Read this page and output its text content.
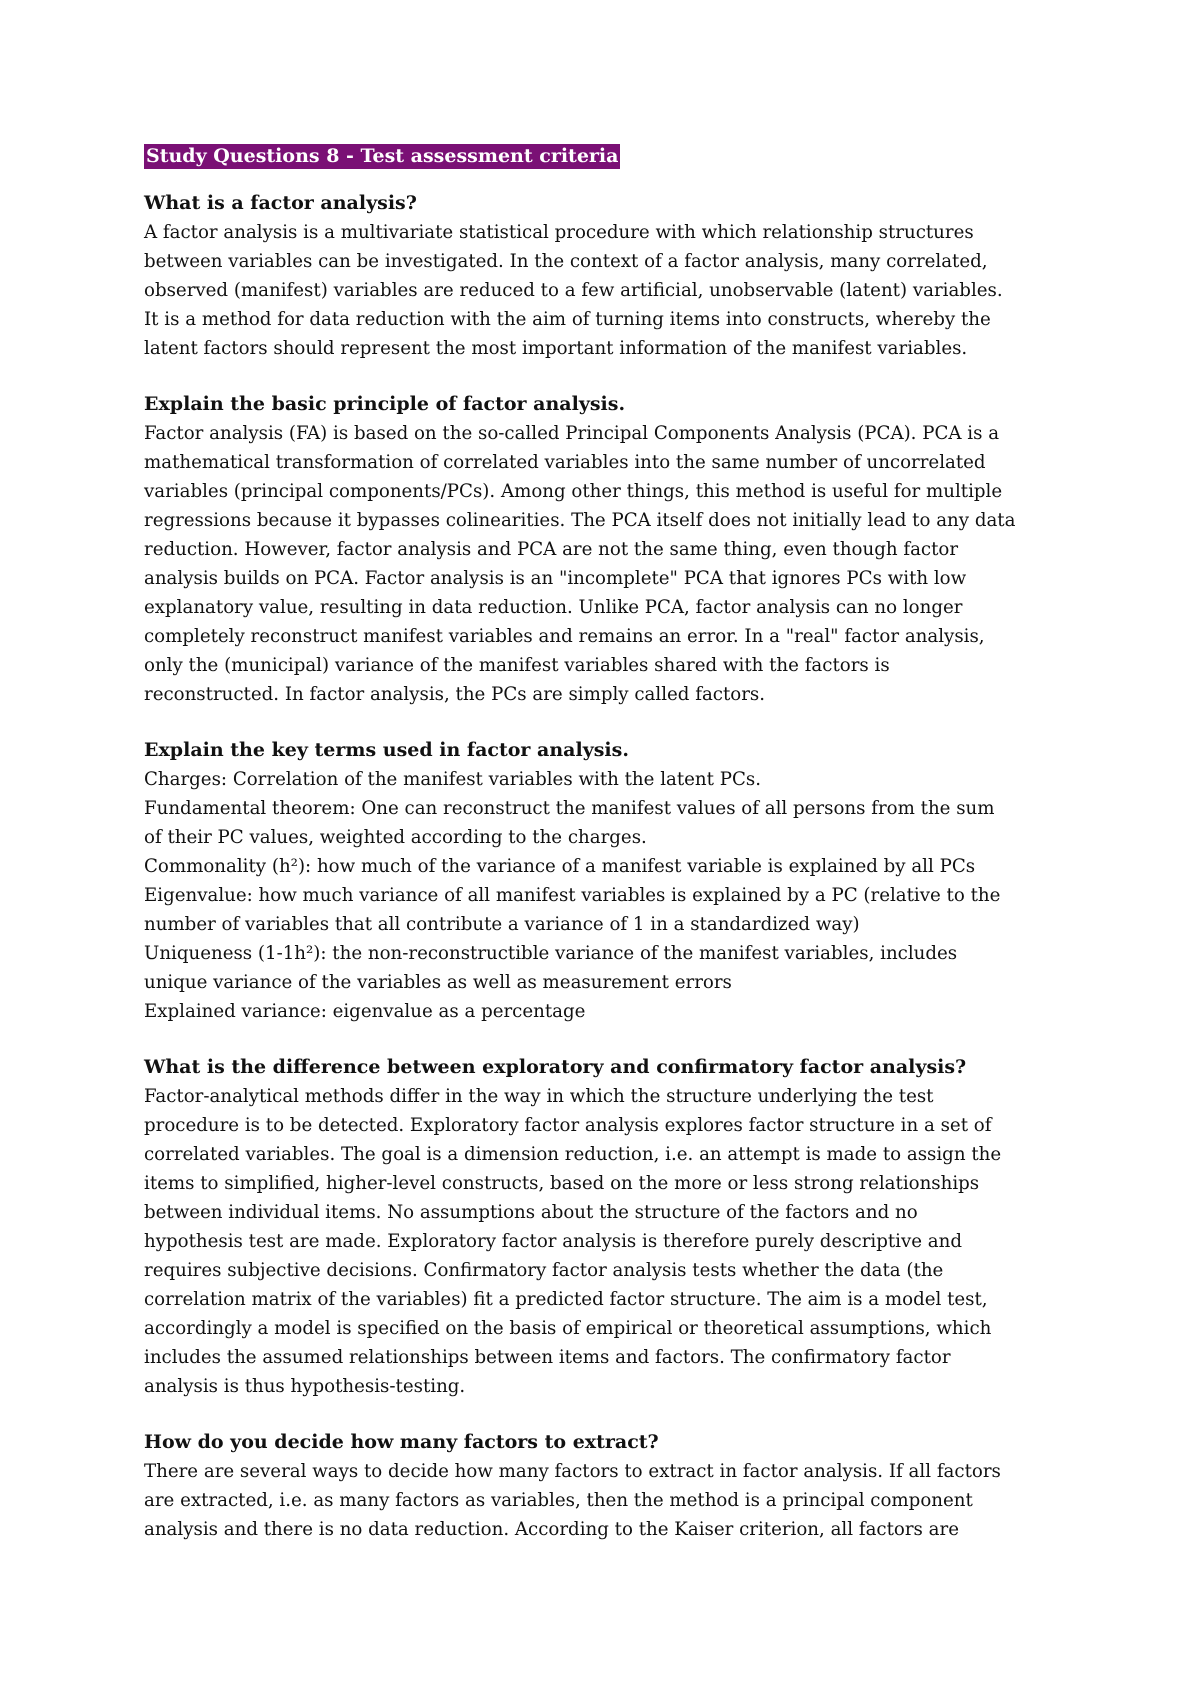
Study Questions 8 - Test assessment criteria
What is a factor analysis?
A factor analysis is a multivariate statistical procedure with which relationship structures
between variables can be investigated. In the context of a factor analysis, many correlated,
observed (manifest) variables are reduced to a few artificial, unobservable (latent) variables.
It is a method for data reduction with the aim of turning items into constructs, whereby the
latent factors should represent the most important information of the manifest variables.
Explain the basic principle of factor analysis.
Factor analysis (FA) is based on the so-called Principal Components Analysis (PCA). PCA is a
mathematical transformation of correlated variables into the same number of uncorrelated
variables (principal components/PCs). Among other things, this method is useful for multiple
regressions because it bypasses colinearities. The PCA itself does not initially lead to any data
reduction. However, factor analysis and PCA are not the same thing, even though factor
analysis builds on PCA. Factor analysis is an "incomplete" PCA that ignores PCs with low
explanatory value, resulting in data reduction. Unlike PCA, factor analysis can no longer
completely reconstruct manifest variables and remains an error. In a "real" factor analysis,
only the (municipal) variance of the manifest variables shared with the factors is
reconstructed. In factor analysis, the PCs are simply called factors.
Explain the key terms used in factor analysis.
Charges: Correlation of the manifest variables with the latent PCs.
Fundamental theorem: One can reconstruct the manifest values of all persons from the sum
of their PC values, weighted according to the charges.
Commonality (h²): how much of the variance of a manifest variable is explained by all PCs
Eigenvalue: how much variance of all manifest variables is explained by a PC (relative to the
number of variables that all contribute a variance of 1 in a standardized way)
Uniqueness (1-1h²): the non-reconstructible variance of the manifest variables, includes
unique variance of the variables as well as measurement errors
Explained variance: eigenvalue as a percentage
What is the difference between exploratory and confirmatory factor analysis?
Factor-analytical methods differ in the way in which the structure underlying the test
procedure is to be detected. Exploratory factor analysis explores factor structure in a set of
correlated variables. The goal is a dimension reduction, i.e. an attempt is made to assign the
items to simplified, higher-level constructs, based on the more or less strong relationships
between individual items. No assumptions about the structure of the factors and no
hypothesis test are made. Exploratory factor analysis is therefore purely descriptive and
requires subjective decisions. Confirmatory factor analysis tests whether the data (the
correlation matrix of the variables) fit a predicted factor structure. The aim is a model test,
accordingly a model is specified on the basis of empirical or theoretical assumptions, which
includes the assumed relationships between items and factors. The confirmatory factor
analysis is thus hypothesis-testing.
How do you decide how many factors to extract?
There are several ways to decide how many factors to extract in factor analysis. If all factors
are extracted, i.e. as many factors as variables, then the method is a principal component
analysis and there is no data reduction. According to the Kaiser criterion, all factors are
